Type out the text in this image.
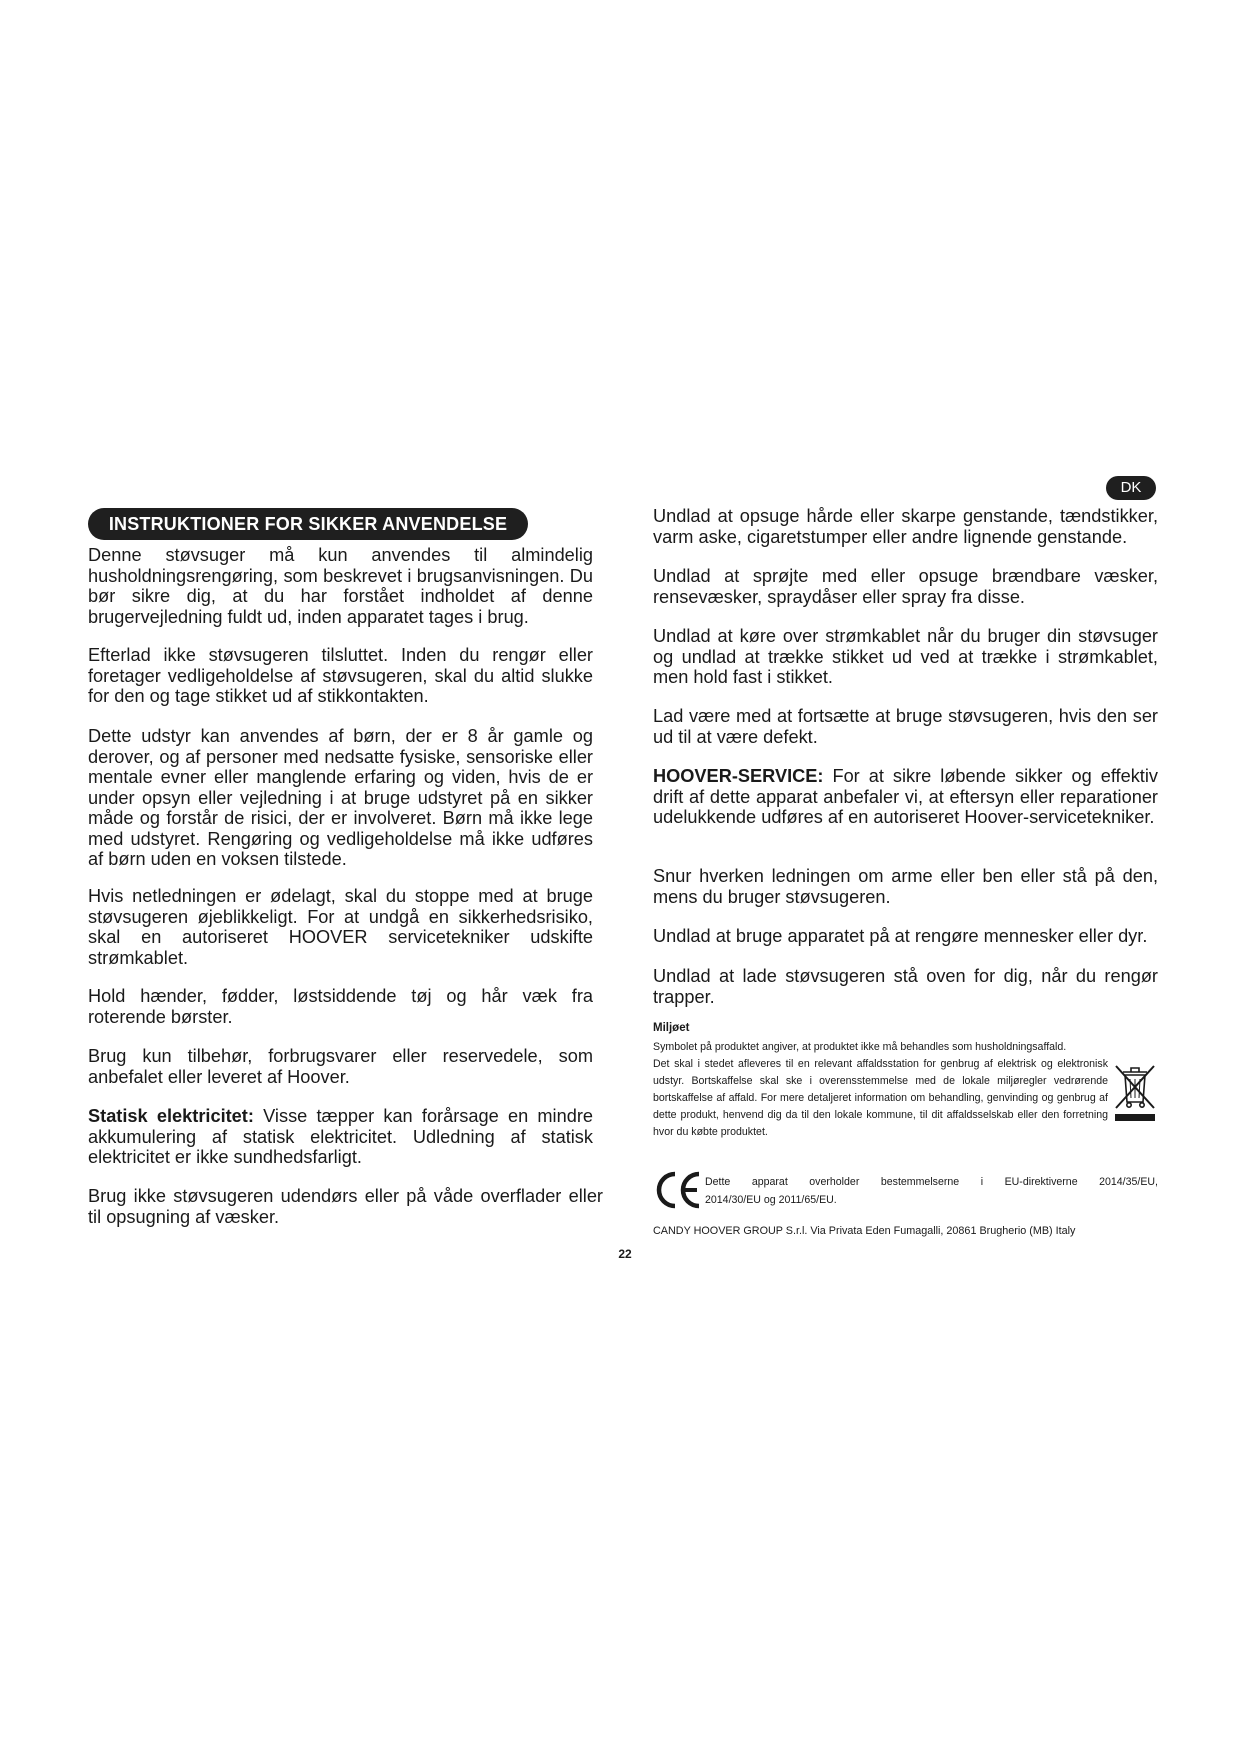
DK
INSTRUKTIONER FOR SIKKER ANVENDELSE

Denne støvsuger må kun anvendes til almindelig husholdningsrengøring, som beskrevet i brugsanvisningen. Du bør sikre dig, at du har forstået indholdet af denne brugervejledning fuldt ud, inden apparatet tages i brug.

Efterlad ikke støvsugeren tilsluttet. Inden du rengør eller foretager vedligeholdelse af støvsugeren, skal du altid slukke for den og tage stikket ud af stikkontakten.

Dette udstyr kan anvendes af børn, der er 8 år gamle og derover, og af personer med nedsatte fysiske, sensoriske eller mentale evner eller manglende erfaring og viden, hvis de er under opsyn eller vejledning i at bruge udstyret på en sikker måde og forstår de risici, der er involveret. Børn må ikke lege med udstyret. Rengøring og vedligeholdelse må ikke udføres af børn uden en voksen tilstede.

Hvis netledningen er ødelagt, skal du stoppe med at bruge støvsugeren øjeblikkeligt. For at undgå en sikkerhedsrisiko, skal en autoriseret HOOVER servicetekniker udskifte strømkablet.

Hold hænder, fødder, løstsiddende tøj og hår væk fra roterende børster.

Brug kun tilbehør, forbrugsvarer eller reservedele, som anbefalet eller leveret af Hoover.

Statisk elektricitet: Visse tæpper kan forårsage en mindre akkumulering af statisk elektricitet. Udledning af statisk elektricitet er ikke sundhedsfarligt.

Brug ikke støvsugeren udendørs eller på våde overflader eller til opsugning af væsker.

Undlad at opsuge hårde eller skarpe genstande, tændstikker, varm aske, cigaretstumper eller andre lignende genstande.

Undlad at sprøjte med eller opsuge brændbare væsker, rensevæsker, spraydåser eller spray fra disse.

Undlad at køre over strømkablet når du bruger din støvsuger og undlad at trække stikket ud ved at trække i strømkablet, men hold fast i stikket.

Lad være med at fortsætte at bruge støvsugeren, hvis den ser ud til at være defekt.

HOOVER-SERVICE: For at sikre løbende sikker og effektiv drift af dette apparat anbefaler vi, at eftersyn eller reparationer udelukkende udføres af en autoriseret Hoover-servicetekniker.

Snur hverken ledningen om arme eller ben eller stå på den, mens du bruger støvsugeren.

Undlad at bruge apparatet på at rengøre mennesker eller dyr.

Undlad at lade støvsugeren stå oven for dig, når du rengør trapper.

Miljøet

Symbolet på produktet angiver, at produktet ikke må behandles som husholdningsaffald.
Det skal i stedet afleveres til en relevant affaldsstation for genbrug af elektrisk og elektronisk udstyr. Bortskaffelse skal ske i overensstemmelse med de lokale miljøregler vedrørende bortskaffelse af affald. For mere detaljeret information om behandling, genvinding og genbrug af dette produkt, henvend dig da til den lokale kommune, til dit affaldsselskab eller den forretning hvor du købte produktet.

Dette apparat overholder bestemmelserne i EU-direktiverne 2014/35/EU,
2014/30/EU og 2011/65/EU.

CANDY HOOVER GROUP S.r.l. Via Privata Eden Fumagalli, 20861 Brugherio (MB) Italy
22
